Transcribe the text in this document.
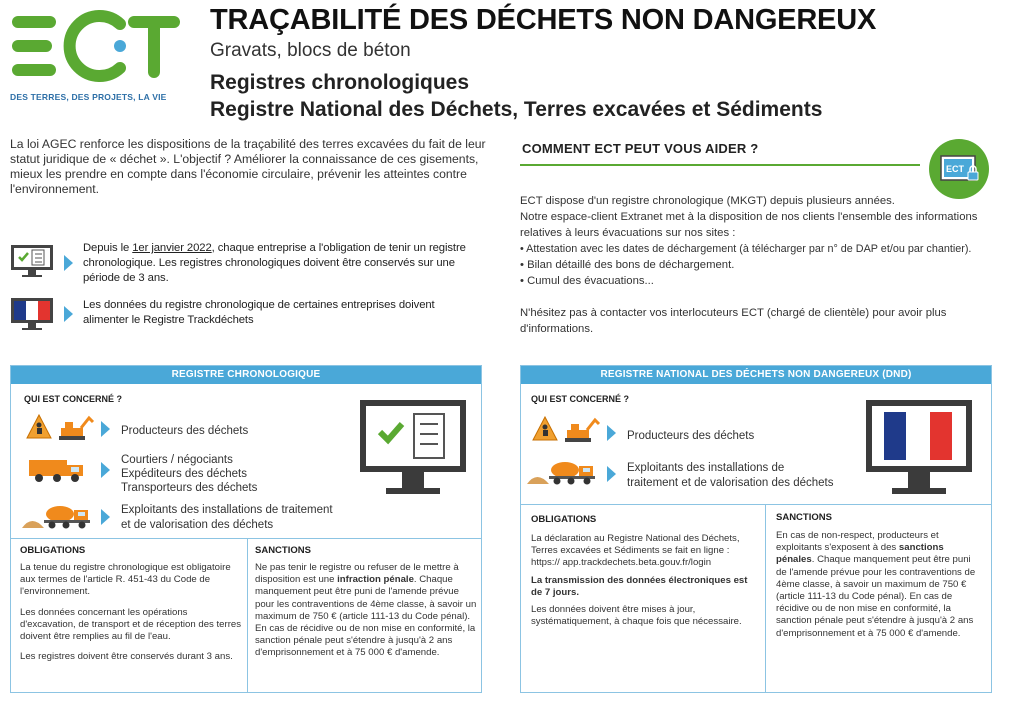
DES TERRES, DES PROJETS, LA VIE
TRAÇABILITÉ DES DÉCHETS NON DANGEREUX
Gravats, blocs de béton
Registres chronologiques
Registre National des Déchets, Terres excavées et Sédiments
La loi AGEC renforce les dispositions de la traçabilité des terres excavées du fait de leur statut juridique de « déchet ». L'objectif ? Améliorer la connaissance de ces gisements, mieux les prendre en compte dans l'économie circulaire, prévenir les atteintes contre l'environnement.
Depuis le 1er janvier 2022, chaque entreprise a l'obligation de tenir un registre chronologique. Les registres chronologiques doivent être conservés sur une période de 3 ans.
Les données du registre chronologique de certaines entreprises doivent alimenter le Registre Trackdéchets
COMMENT ECT PEUT VOUS AIDER ?
ECT

ECT dispose d'un registre chronologique (MKGT) depuis plusieurs années.

Notre espace-client Extranet met à la disposition de nos clients l'ensemble des informations relatives à leurs évacuations sur nos sites :

• Attestation avec les dates de déchargement (à télécharger par n° de DAP et/ou par chantier).

• Bilan détaillé des bons de déchargement.

• Cumul des évacuations...

N'hésitez pas à contacter vos interlocuteurs ECT (chargé de clientèle) pour avoir plus d'informations.

REGISTRE CHRONOLOGIQUE
QUI EST CONCERNÉ ?
Producteurs des déchets
Courtiers / négociants
Expéditeurs des déchets
Transporteurs des déchets
Exploitants des installations de traitement
et de valorisation des déchets
OBLIGATIONS

La tenue du registre chronologique est obligatoire aux termes de l'article R. 451-43 du Code de l'environnement.

Les données concernant les opérations d'excavation, de transport et de réception des terres doivent être remplies au fil de l'eau.

Les registres doivent être conservés durant 3 ans.

SANCTIONS
Ne pas tenir le registre ou refuser de le mettre à disposition est une infraction pénale. Chaque manquement peut être puni de l'amende prévue pour les contraventions de 4ème classe, à savoir un maximum de 750 € (article 111-13 du Code pénal). En cas de récidive ou de non mise en conformité, la sanction pénale peut s'étendre à jusqu'à 2 ans d'emprisonnement et à 75 000 € d'amende.
REGISTRE NATIONAL DES DÉCHETS NON DANGEREUX (DND)
QUI EST CONCERNÉ ?
Producteurs des déchets
Exploitants des installations de
traitement et de valorisation des déchets
OBLIGATIONS

La déclaration au Registre National des Déchets, Terres excavées et Sédiments se fait en ligne : https:// app.trackdechets.beta.gouv.fr/login

La transmission des données électroniques est de 7 jours.

Les données doivent être mises à jour, systématiquement, à chaque fois que nécessaire.

SANCTIONS
En cas de non-respect, producteurs et exploitants s'exposent à des sanctions pénales. Chaque manquement peut être puni de l'amende prévue pour les contraventions de 4ème classe, à savoir un maximum de 750 € (article 111-13 du Code pénal). En cas de récidive ou de non mise en conformité, la sanction pénale peut s'étendre à jusqu'à 2 ans d'emprisonnement et à 75 000 € d'amende.
